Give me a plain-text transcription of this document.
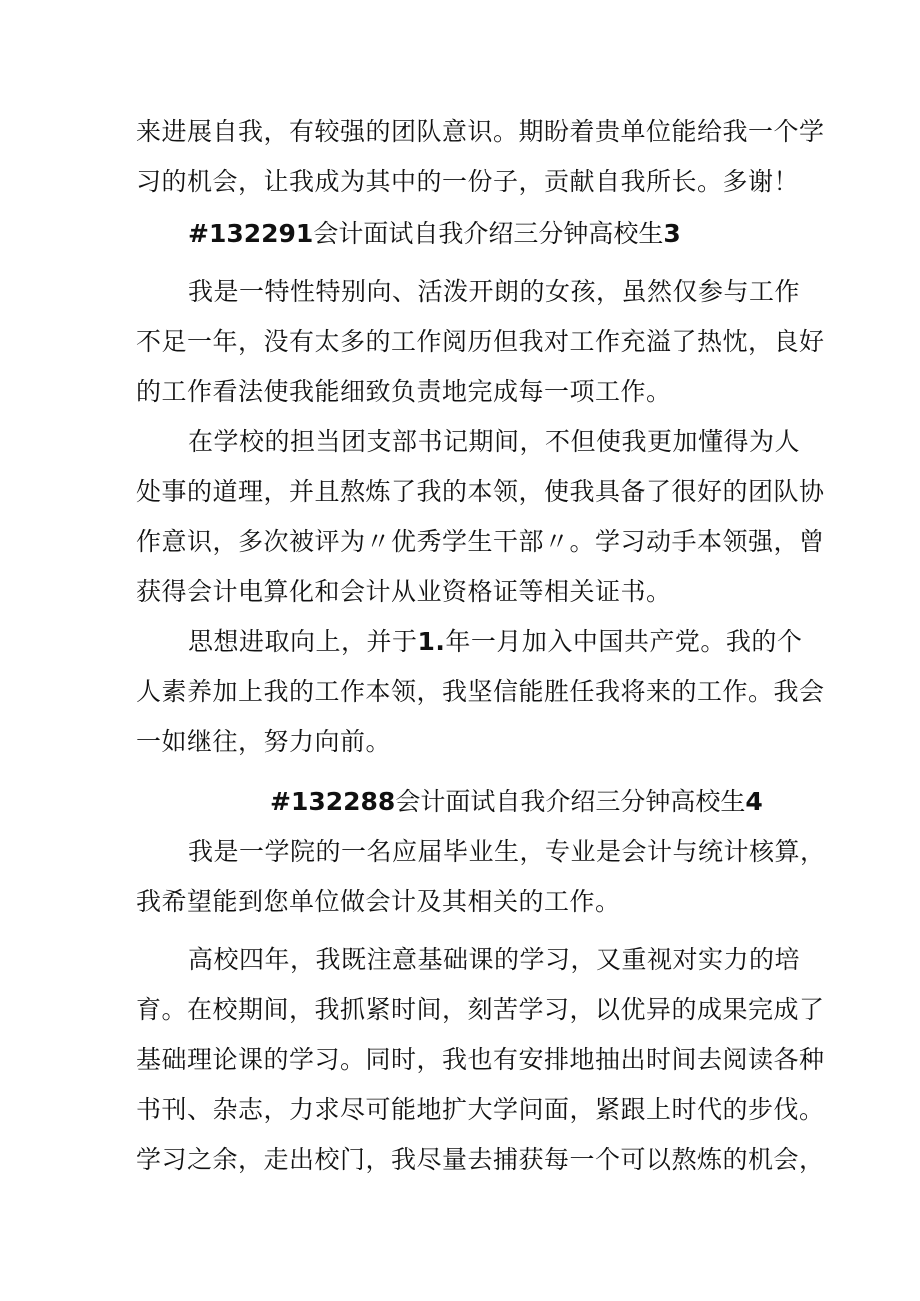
来进展自我，有较强的团队意识。期盼着贵单位能给我一个学
习的机会，让我成为其中的一份子，贡献自我所长。多谢！
#132291会计面试自我介绍三分钟高校生3
我是一特性特别向、活泼开朗的女孩，虽然仅参与工作
不足一年，没有太多的工作阅历但我对工作充溢了热忱，良好
的工作看法使我能细致负责地完成每一项工作。
在学校的担当团支部书记期间，不但使我更加懂得为人
处事的道理，并且熬炼了我的本领，使我具备了很好的团队协
作意识，多次被评为〃优秀学生干部〃。学习动手本领强，曾
获得会计电算化和会计从业资格证等相关证书。
思想进取向上，并于1.年一月加入中国共产党。我的个
人素养加上我的工作本领，我坚信能胜任我将来的工作。我会
一如继往，努力向前。
#132288会计面试自我介绍三分钟高校生4
我是一学院的一名应届毕业生，专业是会计与统计核算，
我希望能到您单位做会计及其相关的工作。
高校四年，我既注意基础课的学习，又重视对实力的培
育。在校期间，我抓紧时间，刻苦学习，以优异的成果完成了
基础理论课的学习。同时，我也有安排地抽出时间去阅读各种
书刊、杂志，力求尽可能地扩大学问面，紧跟上时代的步伐。
学习之余，走出校门，我尽量去捕获每一个可以熬炼的机会，
